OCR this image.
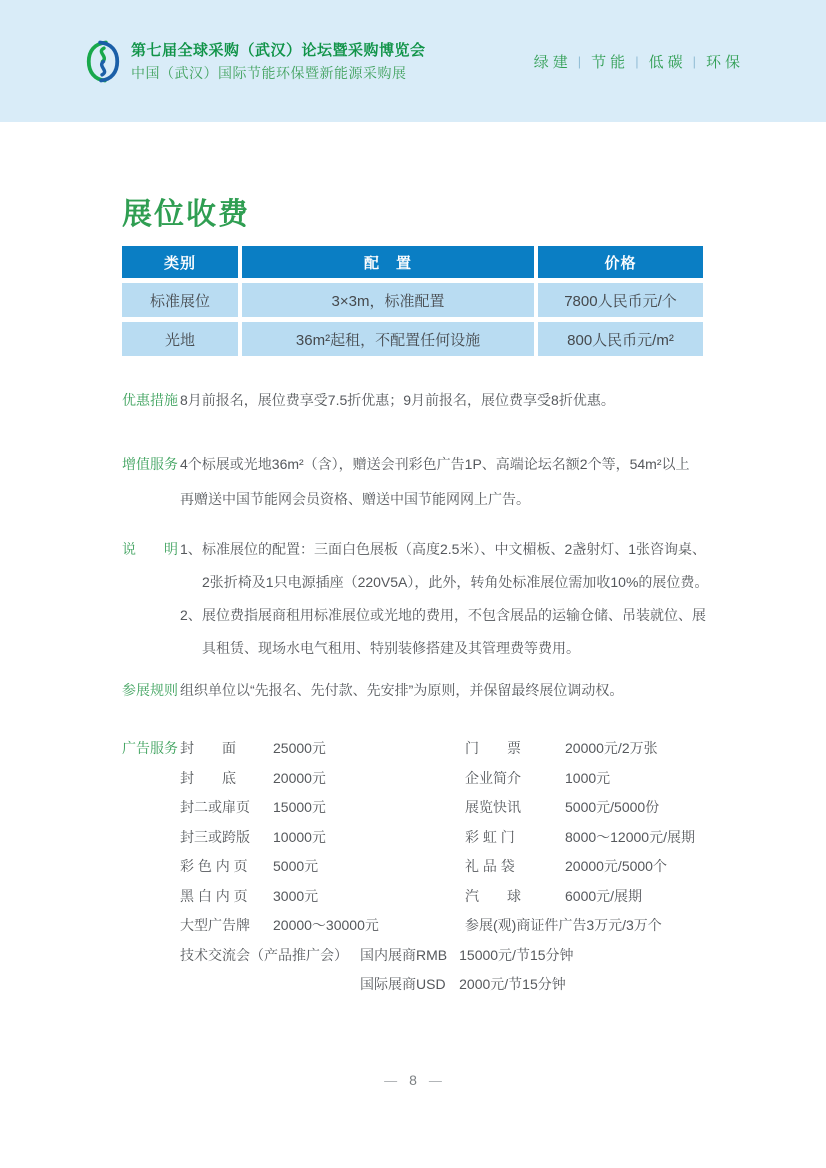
第七届全球采购（武汉）论坛暨采购博览会
中国（武汉）国际节能环保暨新能源采购展
绿建 | 节能 | 低碳 | 环保
展位收费
类别	配　置	价格
标准展位	3×3m，标准配置	7800人民币元/个
光地	36m²起租，不配置任何设施	800人民币元/m²
优惠措施 8月前报名，展位费享受7.5折优惠；9月前报名，展位费享受8折优惠。
增值服务 4个标展或光地36m²（含），赠送会刊彩色广告1P、高端论坛名额2个等，54m²以上
再赠送中国节能网会员资格、赠送中国节能网网上广告。
说　　明 1、标准展位的配置：三面白色展板（高度2.5米）、中文楣板、2盏射灯、1张咨询桌、
2张折椅及1只电源插座（220V5A），此外，转角处标准展位需加收10%的展位费。
2、展位费指展商租用标准展位或光地的费用，不包含展品的运输仓储、吊装就位、展
具租赁、现场水电气租用、特别装修搭建及其管理费等费用。
参展规则 组织单位以“先报名、先付款、先安排”为原则，并保留最终展位调动权。
广告服务 封　　面	25000元	门　　票	20000元/2万张
封　　底	20000元	企业简介	1000元
封二或扉页	15000元	展览快讯	5000元/5000份
封三或跨版	10000元	彩 虹 门	8000～12000元/展期
彩 色 内 页	5000元	礼 品 袋	20000元/5000个
黑 白 内 页	3000元	汽　　球	6000元/展期
大型广告牌	20000～30000元	参展(观)商证件广告 3万元/3万个
技术交流会（产品推广会） 国内展商RMB 15000元/节15分钟
国际展商USD 2000元/节15分钟
— 8 —
